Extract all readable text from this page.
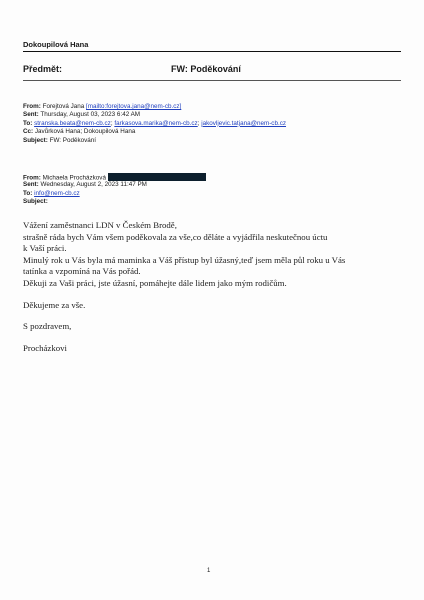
Dokoupilová Hana
Předmět:	FW: Poděkování
From: Forejtová Jana [mailto:forejtova.jana@nem-cb.cz]
Sent: Thursday, August 03, 2023 6:42 AM
To: stranska.beata@nem-cb.cz; farkasova.marika@nem-cb.cz; jakovljevic.tatjana@nem-cb.cz
Cc: Javůrková Hana; Dokoupilová Hana
Subject: FW: Poděkování
From: Michaela Procházková
Sent: Wednesday, August 2, 2023 11:47 PM
To: info@nem-cb.cz
Subject:

Vážení zaměstnanci LDN v Českém Brodě,

strašně ráda bych Vám všem poděkovala za vše,co děláte a vyjádřila neskutečnou úctu

k Vaší práci.

Minulý rok u Vás byla má maminka a Váš přístup byl úžasný,teď jsem měla půl roku u Vás

tatínka a vzpomíná na Vás pořád.

Děkuji za Vaši práci, jste úžasní, pomáhejte dále lidem jako mým rodičům.

Děkujeme za vše.

S pozdravem,

Procházkovi

1
